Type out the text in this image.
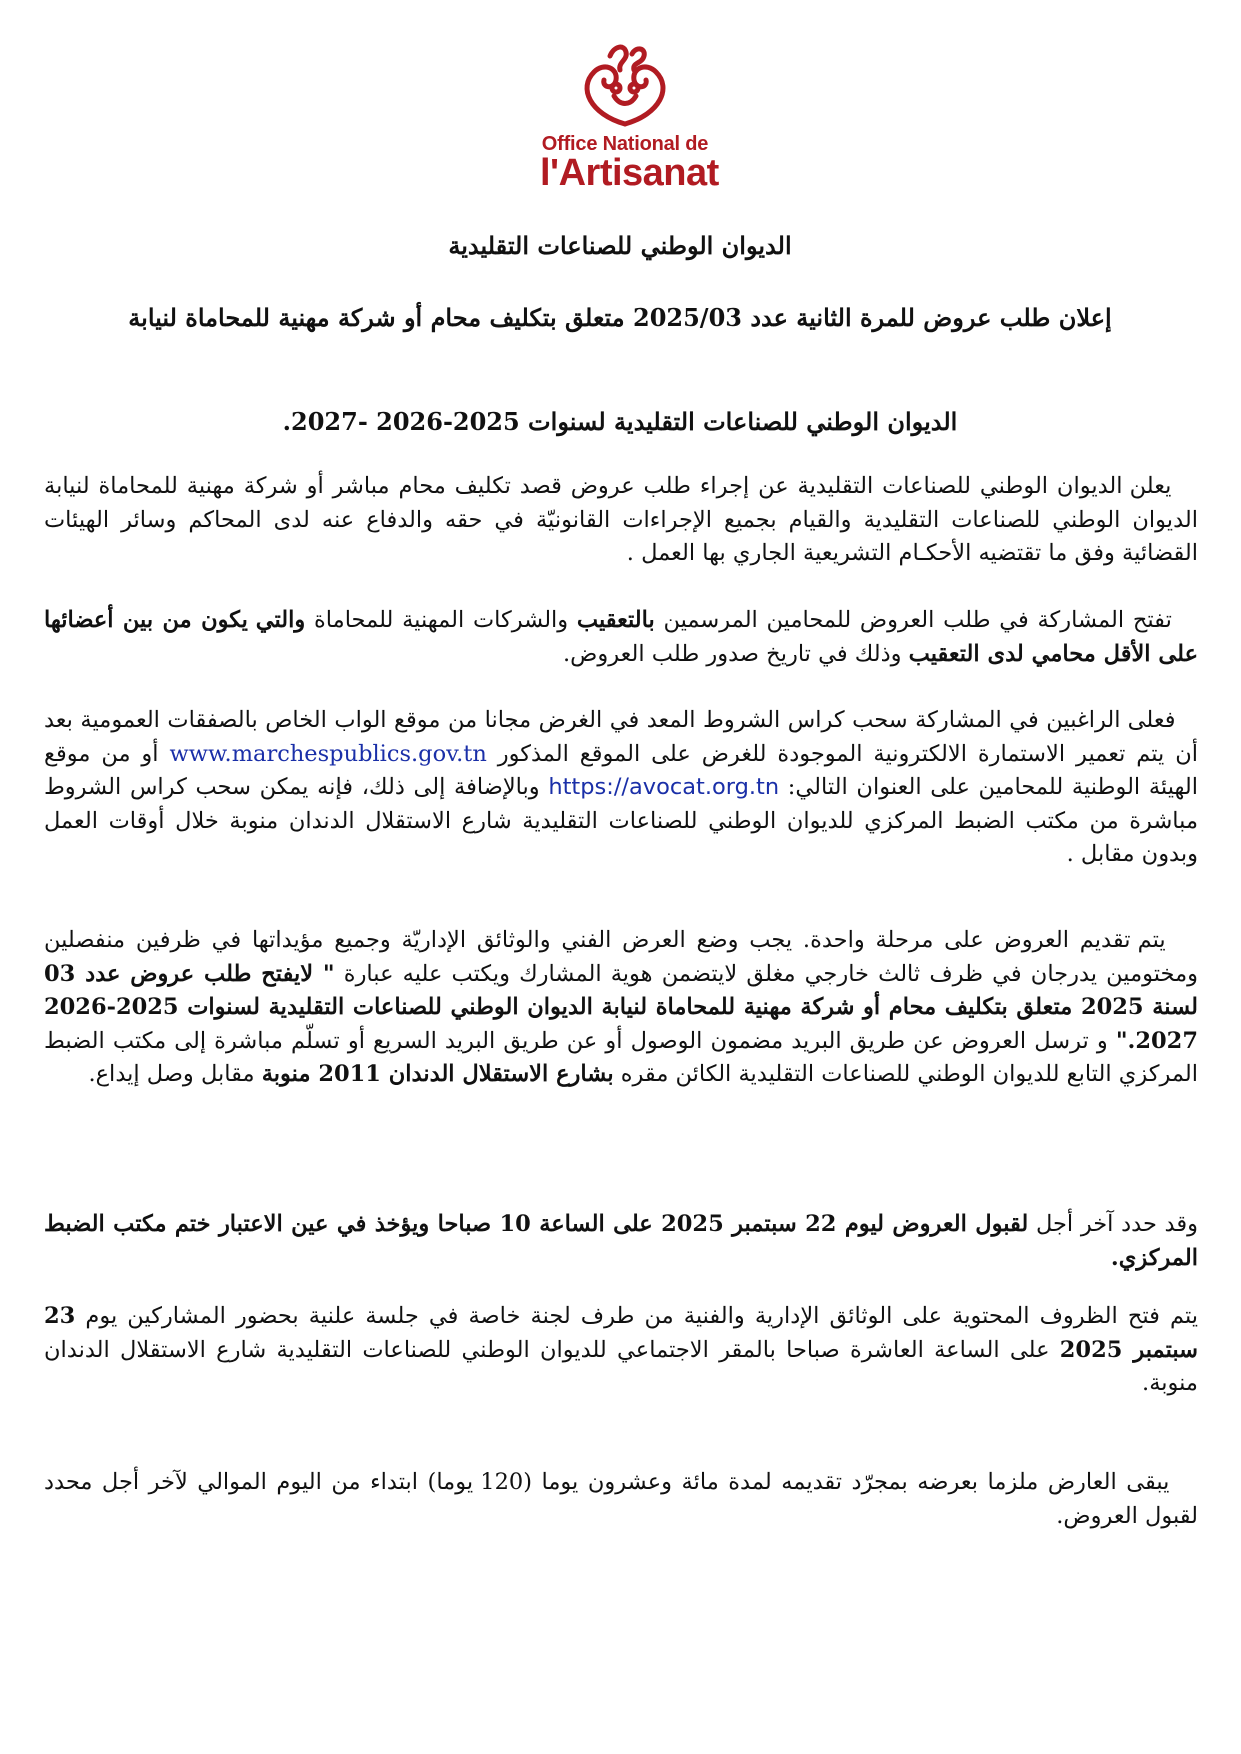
Office National de
l'Artisanat
الديوان الوطني للصناعات التقليدية
إعلان طلب عروض للمرة الثانية عدد 2025/03 متعلق بتكليف محام أو شركة مهنية للمحاماة لنيابة
الديوان الوطني للصناعات التقليدية لسنوات 2025-2026 -2027.

يعلن الديوان الوطني للصناعات التقليدية عن إجراء طلب عروض قصد تكليف محام مباشر أو شركة مهنية للمحاماة لنيابة الديوان الوطني للصناعات التقليدية والقيام بجميع الإجراءات القانونيّة في حقه والدفاع عنه لدى المحاكم وسائر الهيئات القضائية وفق ما تقتضيه الأحكـام التشريعية الجاري بها العمل .

تفتح المشاركة في طلب العروض للمحامين المرسمين بالتعقيب والشركات المهنية للمحاماة والتي يكون من بين أعضائها على الأقل محامي لدى التعقيب وذلك في تاريخ صدور طلب العروض.

فعلى الراغبين في المشاركة سحب كراس الشروط المعد في الغرض مجانا من موقع الواب الخاص بالصفقات العمومية بعد أن يتم تعمير الاستمارة الالكترونية الموجودة للغرض على الموقع المذكور www.marchespublics.gov.tn أو من موقع الهيئة الوطنية للمحامين على العنوان التالي: https://avocat.org.tn وبالإضافة إلى ذلك، فإنه يمكن سحب كراس الشروط مباشرة من مكتب الضبط المركزي للديوان الوطني للصناعات التقليدية شارع الاستقلال الدندان منوبة خلال أوقات العمل وبدون مقابل .

يتم تقديم العروض على مرحلة واحدة. يجب وضع العرض الفني والوثائق الإداريّة وجميع مؤيداتها في ظرفين منفصلين ومختومين يدرجان في ظرف ثالث خارجي مغلق لايتضمن هوية المشارك ويكتب عليه عبارة " لايفتح طلب عروض عدد 03 لسنة 2025 متعلق بتكليف محام أو شركة مهنية للمحاماة لنيابة الديوان الوطني للصناعات التقليدية لسنوات 2025-2026 2027." و ترسل العروض عن طريق البريد مضمون الوصول أو عن طريق البريد السريع أو تسلّم مباشرة إلى مكتب الضبط المركزي التابع للديوان الوطني للصناعات التقليدية الكائن مقره بشارع الاستقلال الدندان 2011 منوبة مقابل وصل إيداع.

وقد حدد آخر أجل لقبول العروض ليوم 22 سبتمبر 2025 على الساعة 10 صباحا ويؤخذ في عين الاعتبار ختم مكتب الضبط المركزي.

يتم فتح الظروف المحتوية على الوثائق الإدارية والفنية من طرف لجنة خاصة في جلسة علنية بحضور المشاركين يوم 23 سبتمبر 2025 على الساعة العاشرة صباحا بالمقر الاجتماعي للديوان الوطني للصناعات التقليدية شارع الاستقلال الدندان منوبة.

يبقى العارض ملزما بعرضه بمجرّد تقديمه لمدة مائة وعشرون يوما (120 يوما) ابتداء من اليوم الموالي لآخر أجل محدد لقبول العروض.
